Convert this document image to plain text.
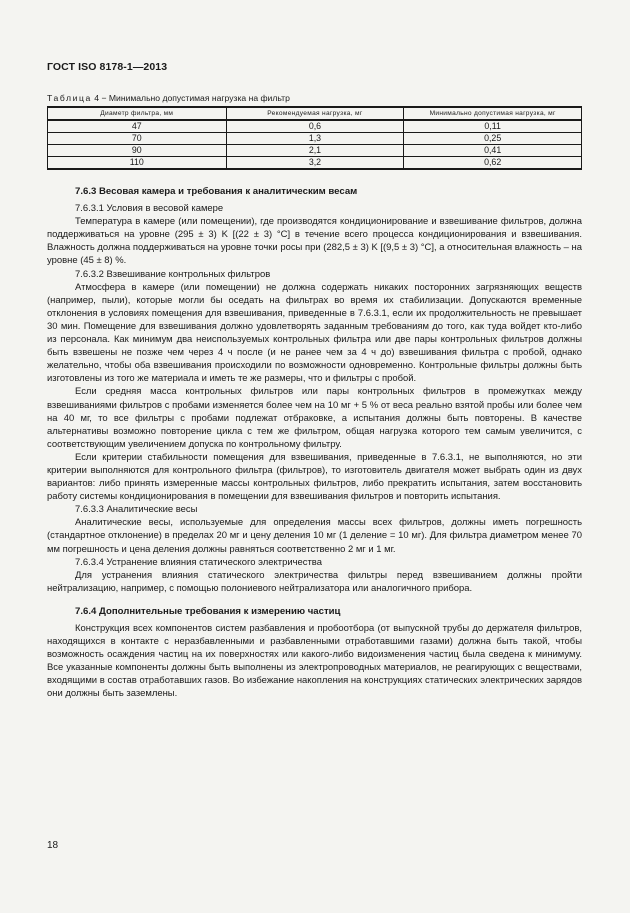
ГОСТ ISO 8178-1—2013
Таблица 4 − Минимально допустимая нагрузка на фильтр
Диаметр фильтра, мм	Рекомендуемая нагрузка, мг	Минимально допустимая нагрузка, мг
47	0,6	0,11
70	1,3	0,25
90	2,1	0,41
110	3,2	0,62

7.6.3 Весовая камера и требования к аналитическим весам

7.6.3.1 Условия в весовой камере

Температура в камере (или помещении), где производятся кондиционирование и взвешивание фильтров, должна поддерживаться на уровне (295 ± 3) K [(22 ± 3) °C] в течение всего процесса кондиционирования и взвешивания. Влажность должна поддерживаться на уровне точки росы при (282,5 ± 3) K [(9,5 ± 3) °C], а относительная влажность – на уровне (45 ± 8) %.

7.6.3.2 Взвешивание контрольных фильтров

Атмосфера в камере (или помещении) не должна содержать никаких посторонних загрязняющих веществ (например, пыли), которые могли бы оседать на фильтрах во время их стабилизации. Допускаются временные отклонения в условиях помещения для взвешивания, приведенные в 7.6.3.1, если их продолжительность не превышает 30 мин. Помещение для взвешивания должно удовлетворять заданным требованиям до того, как туда войдет кто-либо из персонала. Как минимум два неиспользуемых контрольных фильтра или две пары контрольных фильтров должны быть взвешены не позже чем через 4 ч после (и не ранее чем за 4 ч до) взвешивания фильтра с пробой, однако желательно, чтобы оба взвешивания происходили по возможности одновременно. Контрольные фильтры должны быть изготовлены из того же материала и иметь те же размеры, что и фильтры с пробой.

Если средняя масса контрольных фильтров или пары контрольных фильтров в промежутках между взвешиваниями фильтров с пробами изменяется более чем на 10 мг + 5 % от веса реально взятой пробы или более чем на 40 мг, то все фильтры с пробами подлежат отбраковке, а испытания должны быть повторены. В качестве альтернативы возможно повторение цикла с тем же фильтром, общая нагрузка которого тем самым увеличится, с соответствующим увеличением допуска по контрольному фильтру.

Если критерии стабильности помещения для взвешивания, приведенные в 7.6.3.1, не выполняются, но эти критерии выполняются для контрольного фильтра (фильтров), то изготовитель двигателя может выбрать один из двух вариантов: либо принять измеренные массы контрольных фильтров, либо прекратить испытания, затем восстановить работу системы кондиционирования в помещении для взвешивания фильтров и повторить испытания.

7.6.3.3 Аналитические весы

Аналитические весы, используемые для определения массы всех фильтров, должны иметь погрешность (стандартное отклонение) в пределах 20 мг и цену деления 10 мг (1 деление = 10 мг). Для фильтра диаметром менее 70 мм погрешность и цена деления должны равняться соответственно 2 мг и 1 мг.

7.6.3.4 Устранение влияния статического электричества

Для устранения влияния статического электричества фильтры перед взвешиванием должны пройти нейтрализацию, например, с помощью полониевого нейтрализатора или аналогичного прибора.

7.6.4 Дополнительные требования к измерению частиц

Конструкция всех компонентов систем разбавления и пробоотбора (от выпускной трубы до держателя фильтров, находящихся в контакте с неразбавленными и разбавленными отработавшими газами) должна быть такой, чтобы возможность осаждения частиц на их поверхностях или какого-либо видоизменения частиц была сведена к минимуму. Все указанные компоненты должны быть выполнены из электропроводных материалов, не реагирующих с веществами, входящими в состав отработавших газов. Во избежание накопления на конструкциях статических электрических зарядов они должны быть заземлены.

18
